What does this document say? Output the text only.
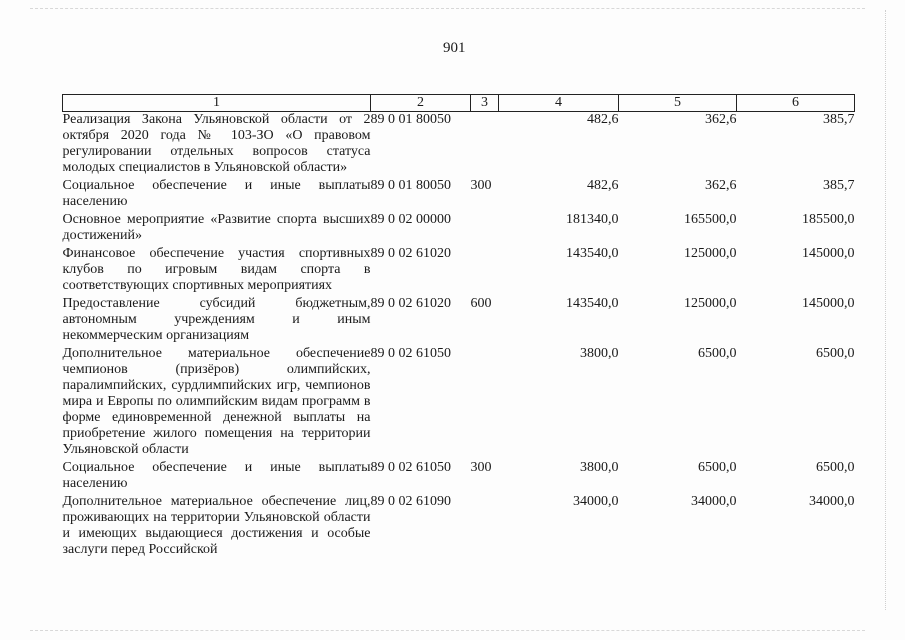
901
1	2	3	4	5	6
Реализация Закона Ульяновской области от 2 октября 2020 года № 103-ЗО «О правовом регулировании отдельных вопросов статуса молодых специалистов в Ульяновской области»	89 0 01 80050		482,6	362,6	385,7
Социальное обеспечение и иные выплаты населению	89 0 01 80050	300	482,6	362,6	385,7
Основное мероприятие «Развитие спорта высших достижений»	89 0 02 00000		181340,0	165500,0	185500,0
Финансовое обеспечение участия спортивных клубов по игровым видам спорта в соответствующих спортивных мероприятиях	89 0 02 61020		143540,0	125000,0	145000,0
Предоставление субсидий бюджетным, автономным учреждениям и иным некоммерческим организациям	89 0 02 61020	600	143540,0	125000,0	145000,0
Дополнительное материальное обеспечение чемпионов (призёров) олимпийских, паралимпийских, сурдлимпийских игр, чемпионов мира и Европы по олимпийским видам программ в форме единовременной денежной выплаты на приобретение жилого помещения на территории Ульяновской области	89 0 02 61050		3800,0	6500,0	6500,0
Социальное обеспечение и иные выплаты населению	89 0 02 61050	300	3800,0	6500,0	6500,0
Дополнительное материальное обеспечение лиц, проживающих на территории Ульяновской области и имеющих выдающиеся достижения и особые заслуги перед Российской	89 0 02 61090		34000,0	34000,0	34000,0
